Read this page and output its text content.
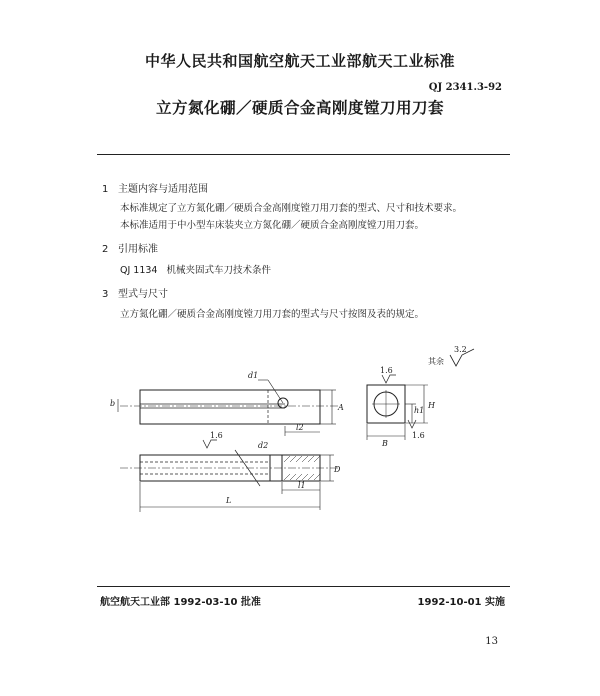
中华人民共和国航空航天工业部航天工业标准
QJ 2341.3-92
立方氮化硼／硬质合金高刚度镗刀用刀套
1 主题内容与适用范围
本标准规定了立方氮化硼／硬质合金高刚度镗刀用刀套的型式、尺寸和技术要求。
本标准适用于中小型车床装夹立方氮化硼／硬质合金高刚度镗刀用刀套。
2 引用标准
QJ 1134   机械夹固式车刀技术条件
3 型式与尺寸
立方氮化硼／硬质合金高刚度镗刀用刀套的型式与尺寸按图及表的规定。
d1
b	A
l2
1.6
d2
D
l1
L
1.6
B
H
h1
1.6
其余
3.2
航空航天工业部 1992-03-10 批准	1992-10-01 实施
13
